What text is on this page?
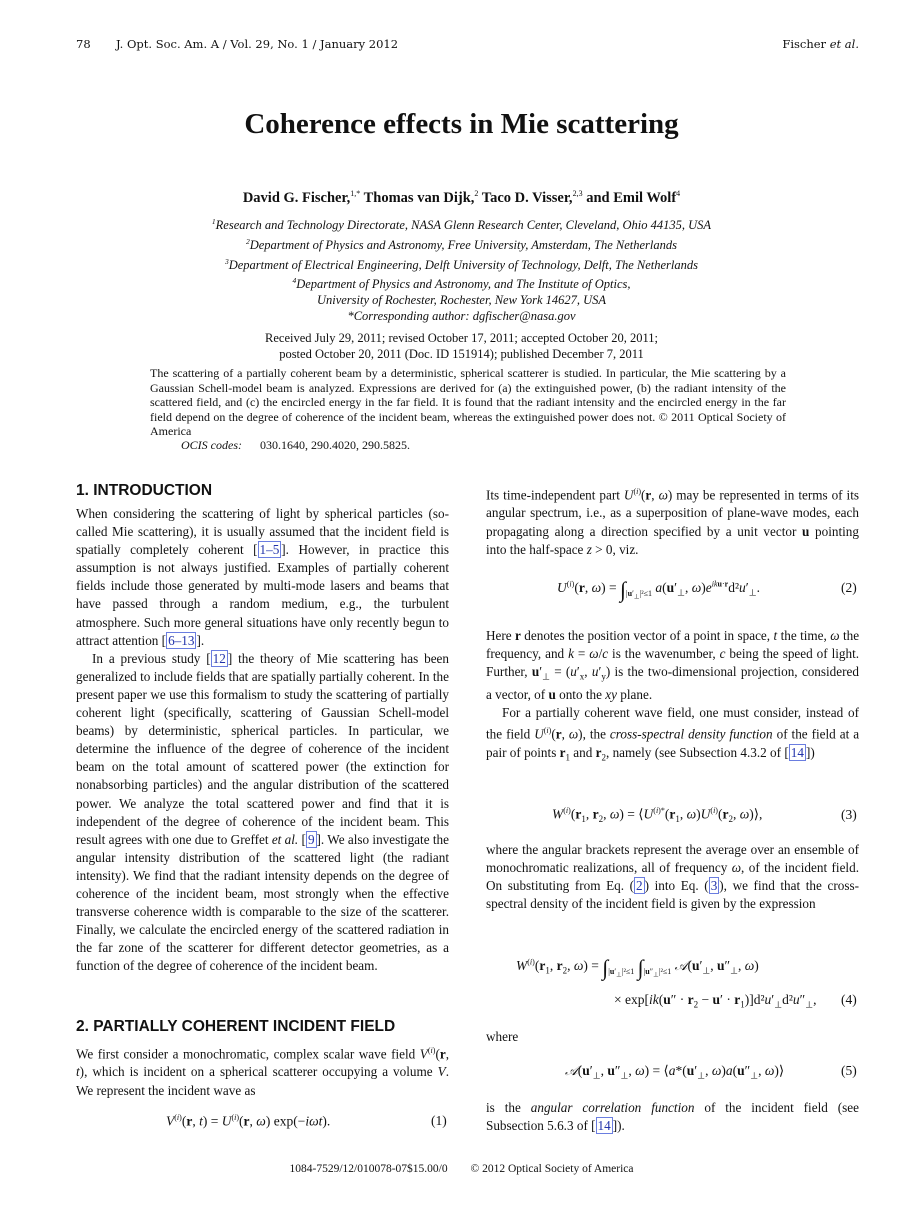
78 J. Opt. Soc. Am. A / Vol. 29, No. 1 / January 2012	Fischer et al.
Coherence effects in Mie scattering
David G. Fischer,$^{1,*}$ Thomas van Dijk,$^2$ Taco D. Visser,$^{2,3}$ and Emil Wolf$^4$
$^1$Research and Technology Directorate, NASA Glenn Research Center, Cleveland, Ohio 44135, USA
$^2$Department of Physics and Astronomy, Free University, Amsterdam, The Netherlands
$^3$Department of Electrical Engineering, Delft University of Technology, Delft, The Netherlands
$^4$Department of Physics and Astronomy, and The Institute of Optics,
University of Rochester, Rochester, New York 14627, USA
*Corresponding author: dgfischer@nasa.gov
Received July 29, 2011; revised October 17, 2011; accepted October 20, 2011;
posted October 20, 2011 (Doc. ID 151914); published December 7, 2011
The scattering of a partially coherent beam by a deterministic, spherical scatterer is studied. In particular, the Mie scattering by a Gaussian Schell-model beam is analyzed. Expressions are derived for (a) the extinguished power, (b) the radiant intensity of the scattered field, and (c) the encircled energy in the far field. It is found that the radiant intensity and the encircled energy in the far field depend on the degree of coherence of the incident beam, whereas the extinguished power does not. © 2011 Optical Society of America
OCIS codes: 030.1640, 290.4020, 290.5825.
1. INTRODUCTION

When considering the scattering of light by spherical particles (so-called Mie scattering), it is usually assumed that the incident field is spatially completely coherent [ 1–5 ]. However, in practice this assumption is not always justified. Examples of partially coherent fields include those generated by multi-mode lasers and beams that have passed through a random medium, e.g., the turbulent atmosphere. Such more general situations have only recently begun to attract attention [ 6–13 ].

In a previous study [ 12 ] the theory of Mie scattering has been generalized to include fields that are spatially partially coherent. In the present paper we use this formalism to study the scattering of partially coherent light (specifically, scattering of Gaussian Schell-model beams) by deterministic, spherical particles. In particular, we determine the influence of the degree of coherence of the incident beam on the total amount of scattered power (the extinction for nonabsorbing particles) and the angular distribution of the scattered power. We analyze the total scattered power and find that it is independent of the degree of coherence of the incident beam. This result agrees with one due to Greffet et al. [ 9 ]. We also investigate the angular intensity distribution of the scattered light (the radiant intensity). We find that the radiant intensity depends on the degree of coherence of the incident beam, most strongly when the effective transverse coherence width is comparable to the size of the scatterer. Finally, we calculate the encircled energy of the scattered radiation in the far zone of the scatterer for different detector geometries, as a function of the degree of coherence of the incident beam.

2. PARTIALLY COHERENT INCIDENT FIELD

We first consider a monochromatic, complex scalar wave field $V^{(i)}(r$, t), which is incident on a spherical scatterer occupying a volume V. We represent the incident wave as

$V^{(i)}(r$, $t) = U^{(i)}(r$, ω) exp(−iωt).	(1)

Its time-independent part $U^{(i)}(r$, ω) may be represented in terms of its angular spectrum, i.e., as a superposition of plane-wave modes, each propagating along a direction specified by a unit vector u pointing into the half-space z > 0, viz.

$U^{(i)}(r$, $\omega) = \int_{|u'_\perp|^2\le 1}$ $a(u'_\perp$, $\omega)e^{iku\cdot r}d^2u'_\perp$.	(2)

Here r denotes the position vector of a point in space, t the time, ω the frequency, and k = ω/c is the wavenumber, c being the speed of light. Further, $u'_\perp = (u'_x$, $u'_y$) is the two-dimensional projection, considered a vector, of u onto the xy plane.

For a partially coherent wave field, one must consider, instead of the field $U^{(i)}(r$, ω), the cross-spectral density function of the field at a pair of points $r_1$ and $r_2$, namely (see Subsection 4.3.2 of [ 14 ])

$W^{(i)}(r_1$, $r_2$, $\omega) = ⟨U^{(i)*}(r_1$, $\omega)U^{(i)}(r_2$, ω)⟩,	(3)

where the angular brackets represent the average over an ensemble of monochromatic realizations, all of frequency ω, of the incident field. On substituting from Eq. ( 2 ) into Eq. ( 3 ), we find that the cross-spectral density of the incident field is given by the expression

$W^{(i)}(r_1$, $r_2$, $\omega) = \int_{|u'_\perp|^2\le 1}$ $\int_{|u''_\perp|^2\le 1}$ $𝒜(u'_\perp$, $u''_\perp$, ω)
× $\exp[ik(u'' \cdot r_2 - u' \cdot r_1)]d^2u'_\perp d^2u''_\perp$, (4)
where
$𝒜(u'_\perp$, $u''_\perp$, $\omega) = ⟨a*(u'_\perp$, $\omega)a(u''_\perp$, ω)⟩	(5)

is the angular correlation function of the incident field (see Subsection 5.6.3 of [ 14 ]).

1084-7529/12/010078-07$15.00/0 © 2012 Optical Society of America
